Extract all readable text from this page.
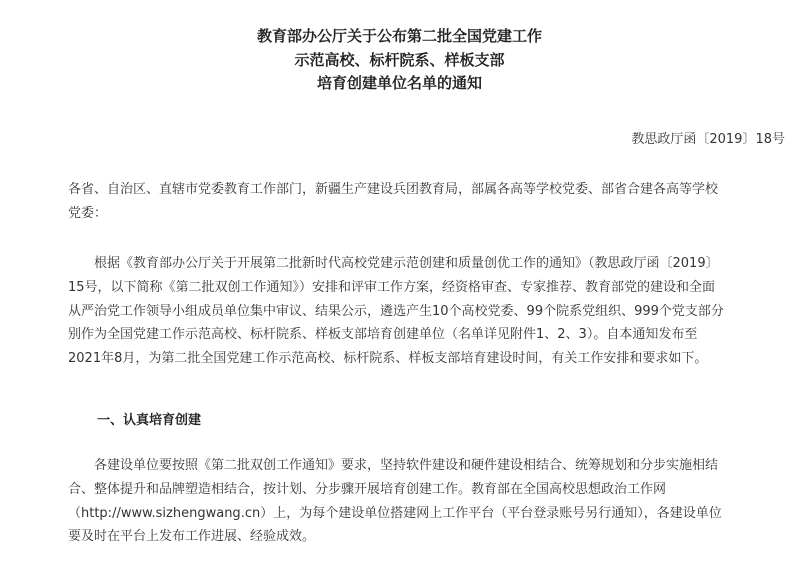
教育部办公厅关于公布第二批全国党建工作
示范高校、标杆院系、样板支部
培育创建单位名单的通知
教思政厅函〔2019〕18号
各省、自治区、直辖市党委教育工作部门，新疆生产建设兵团教育局，部属各高等学校党委、部省合建各高等学校
党委：
　　根据《教育部办公厅关于开展第二批新时代高校党建示范创建和质量创优工作的通知》（教思政厅函〔2019〕
15号，以下简称《第二批双创工作通知》）安排和评审工作方案，经资格审查、专家推荐、教育部党的建设和全面
从严治党工作领导小组成员单位集中审议、结果公示，遴选产生10个高校党委、99个院系党组织、999个党支部分
别作为全国党建工作示范高校、标杆院系、样板支部培育创建单位（名单详见附件1、2、3）。自本通知发布至
2021年8月，为第二批全国党建工作示范高校、标杆院系、样板支部培育建设时间，有关工作安排和要求如下。
一、认真培育创建
　　各建设单位要按照《第二批双创工作通知》要求，坚持软件建设和硬件建设相结合、统筹规划和分步实施相结
合、整体提升和品牌塑造相结合，按计划、分步骤开展培育创建工作。教育部在全国高校思想政治工作网
（http://www.sizhengwang.cn）上，为每个建设单位搭建网上工作平台（平台登录账号另行通知），各建设单位
要及时在平台上发布工作进展、经验成效。
